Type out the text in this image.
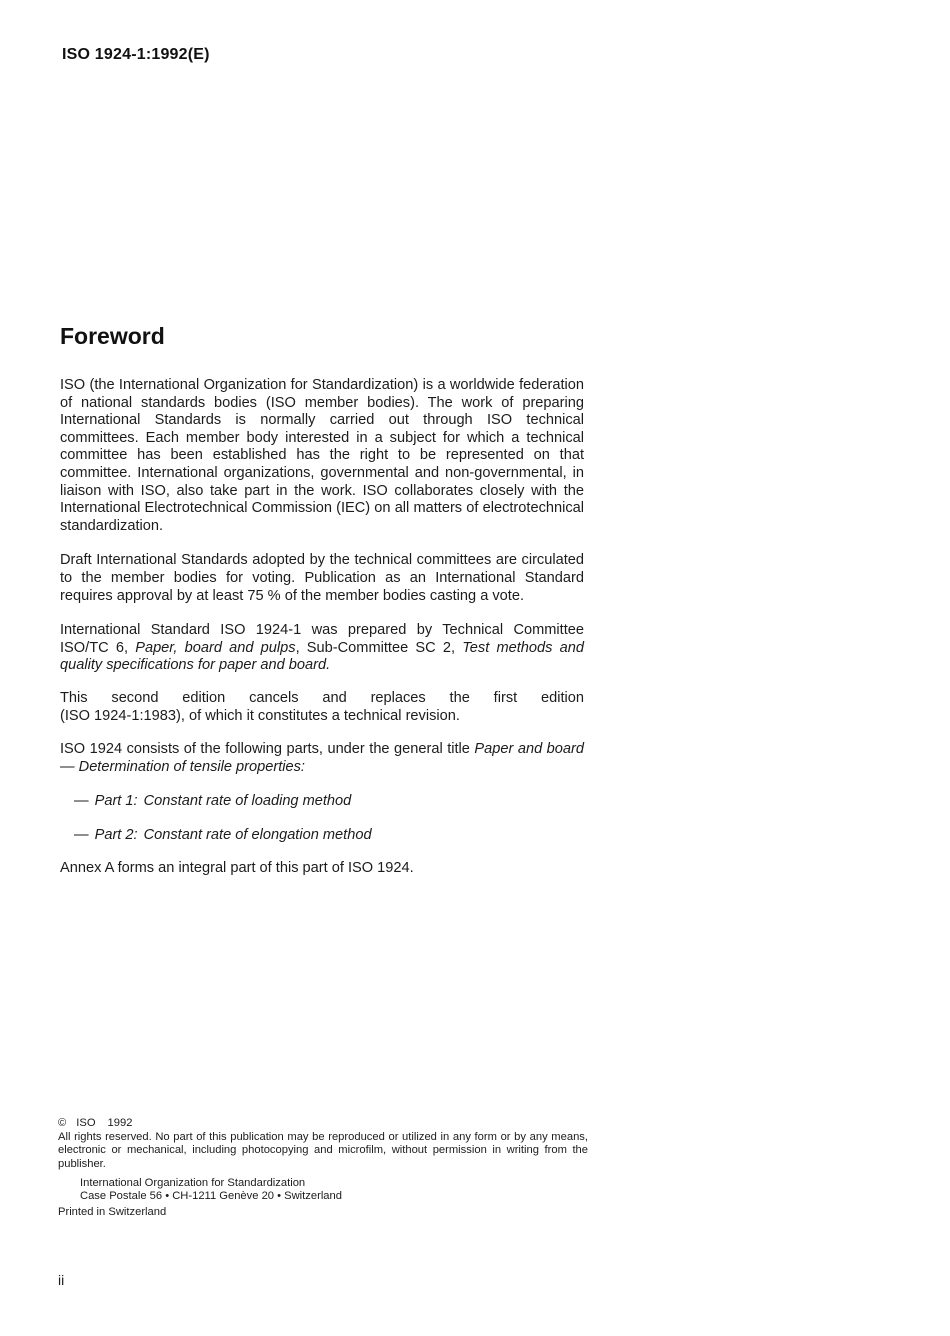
ISO 1924-1:1992(E)
Foreword

ISO (the International Organization for Standardization) is a worldwide federation of national standards bodies (ISO member bodies). The work of preparing International Standards is normally carried out through ISO technical committees. Each member body interested in a subject for which a technical committee has been established has the right to be represented on that committee. International organizations, governmental and non-governmental, in liaison with ISO, also take part in the work. ISO collaborates closely with the International Electrotechnical Commission (IEC) on all matters of electrotechnical standardization.

Draft International Standards adopted by the technical committees are circulated to the member bodies for voting. Publication as an International Standard requires approval by at least 75 % of the member bodies casting a vote.

International Standard ISO 1924-1 was prepared by Technical Committee ISO/TC 6, Paper, board and pulps, Sub-Committee SC 2, Test methods and quality specifications for paper and board.

This second edition cancels and replaces the first edition
(ISO 1924-1:1983), of which it constitutes a technical revision.

ISO 1924 consists of the following parts, under the general title Paper and board — Determination of tensile properties:

— Part 1: Constant rate of loading method
— Part 2: Constant rate of elongation method

Annex A forms an integral part of this part of ISO 1924.

© ISO 1992
All rights reserved. No part of this publication may be reproduced or utilized in any form or by any means, electronic or mechanical, including photocopying and microfilm, without permission in writing from the publisher.
International Organization for Standardization
Case Postale 56 • CH-1211 Genève 20 • Switzerland
Printed in Switzerland
ii
